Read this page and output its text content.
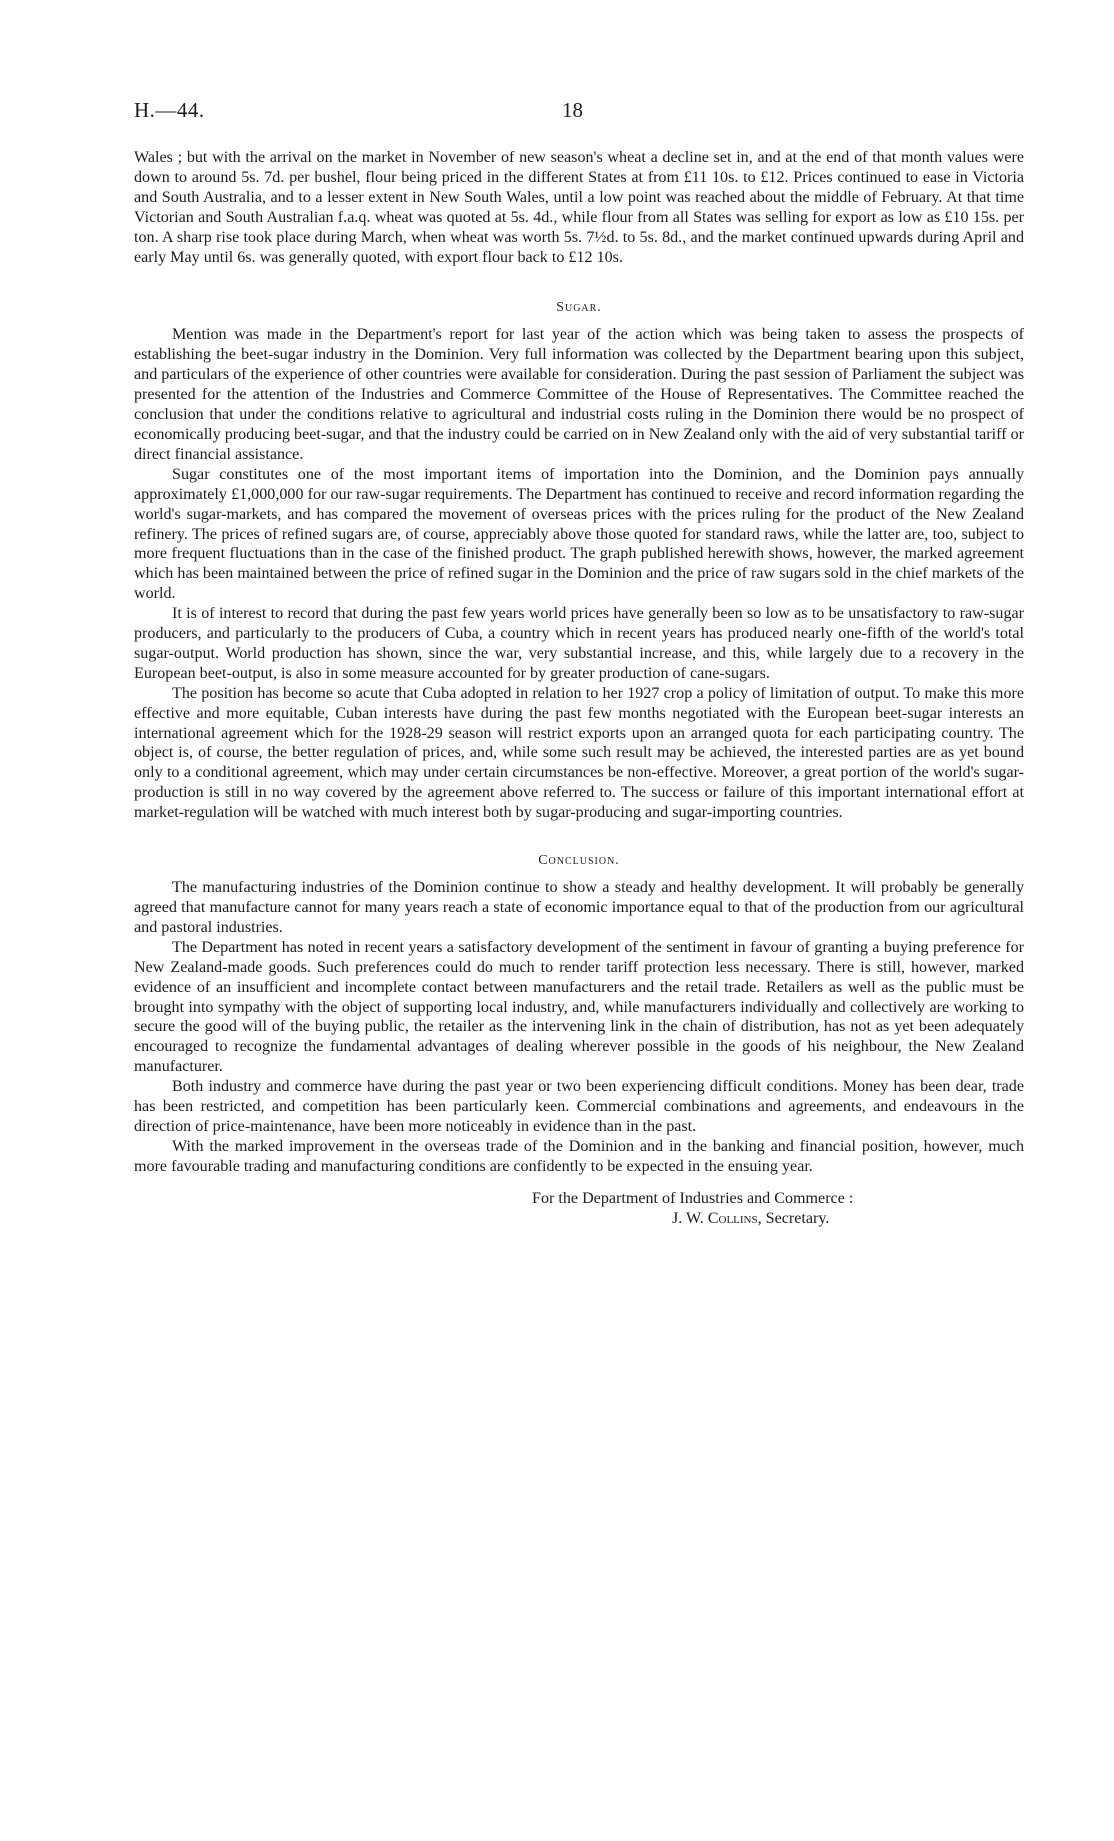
H.—44.	18

Wales ; but with the arrival on the market in November of new season's wheat a decline set in, and at the end of that month values were down to around 5s. 7d. per bushel, flour being priced in the different States at from £11 10s. to £12. Prices continued to ease in Victoria and South Australia, and to a lesser extent in New South Wales, until a low point was reached about the middle of February. At that time Victorian and South Australian f.a.q. wheat was quoted at 5s. 4d., while flour from all States was selling for export as low as £10 15s. per ton. A sharp rise took place during March, when wheat was worth 5s. 7½d. to 5s. 8d., and the market continued upwards during April and early May until 6s. was generally quoted, with export flour back to £12 10s.

Sugar.

Mention was made in the Department's report for last year of the action which was being taken to assess the prospects of establishing the beet-sugar industry in the Dominion. Very full information was collected by the Department bearing upon this subject, and particulars of the experience of other countries were available for consideration. During the past session of Parliament the subject was presented for the attention of the Industries and Commerce Committee of the House of Representatives. The Committee reached the conclusion that under the conditions relative to agricultural and industrial costs ruling in the Dominion there would be no prospect of economically producing beet-sugar, and that the industry could be carried on in New Zealand only with the aid of very substantial tariff or direct financial assistance.

Sugar constitutes one of the most important items of importation into the Dominion, and the Dominion pays annually approximately £1,000,000 for our raw-sugar requirements. The Department has continued to receive and record information regarding the world's sugar-markets, and has compared the movement of overseas prices with the prices ruling for the product of the New Zealand refinery. The prices of refined sugars are, of course, appreciably above those quoted for standard raws, while the latter are, too, subject to more frequent fluctuations than in the case of the finished product. The graph published herewith shows, however, the marked agreement which has been maintained between the price of refined sugar in the Dominion and the price of raw sugars sold in the chief markets of the world.

It is of interest to record that during the past few years world prices have generally been so low as to be unsatisfactory to raw-sugar producers, and particularly to the producers of Cuba, a country which in recent years has produced nearly one-fifth of the world's total sugar-output. World production has shown, since the war, very substantial increase, and this, while largely due to a recovery in the European beet-output, is also in some measure accounted for by greater production of cane-sugars.

The position has become so acute that Cuba adopted in relation to her 1927 crop a policy of limitation of output. To make this more effective and more equitable, Cuban interests have during the past few months negotiated with the European beet-sugar interests an international agreement which for the 1928-29 season will restrict exports upon an arranged quota for each participating country. The object is, of course, the better regulation of prices, and, while some such result may be achieved, the interested parties are as yet bound only to a conditional agreement, which may under certain circumstances be non-effective. Moreover, a great portion of the world's sugar-production is still in no way covered by the agreement above referred to. The success or failure of this important international effort at market-regulation will be watched with much interest both by sugar-producing and sugar-importing countries.

Conclusion.

The manufacturing industries of the Dominion continue to show a steady and healthy development. It will probably be generally agreed that manufacture cannot for many years reach a state of economic importance equal to that of the production from our agricultural and pastoral industries.

The Department has noted in recent years a satisfactory development of the sentiment in favour of granting a buying preference for New Zealand-made goods. Such preferences could do much to render tariff protection less necessary. There is still, however, marked evidence of an insufficient and incomplete contact between manufacturers and the retail trade. Retailers as well as the public must be brought into sympathy with the object of supporting local industry, and, while manufacturers individually and collectively are working to secure the good will of the buying public, the retailer as the intervening link in the chain of distribution, has not as yet been adequately encouraged to recognize the fundamental advantages of dealing wherever possible in the goods of his neighbour, the New Zealand manufacturer.

Both industry and commerce have during the past year or two been experiencing difficult conditions. Money has been dear, trade has been restricted, and competition has been particularly keen. Commercial combinations and agreements, and endeavours in the direction of price-maintenance, have been more noticeably in evidence than in the past.

With the marked improvement in the overseas trade of the Dominion and in the banking and financial position, however, much more favourable trading and manufacturing conditions are confidently to be expected in the ensuing year.

For the Department of Industries and Commerce :
J. W. Collins, Secretary.
